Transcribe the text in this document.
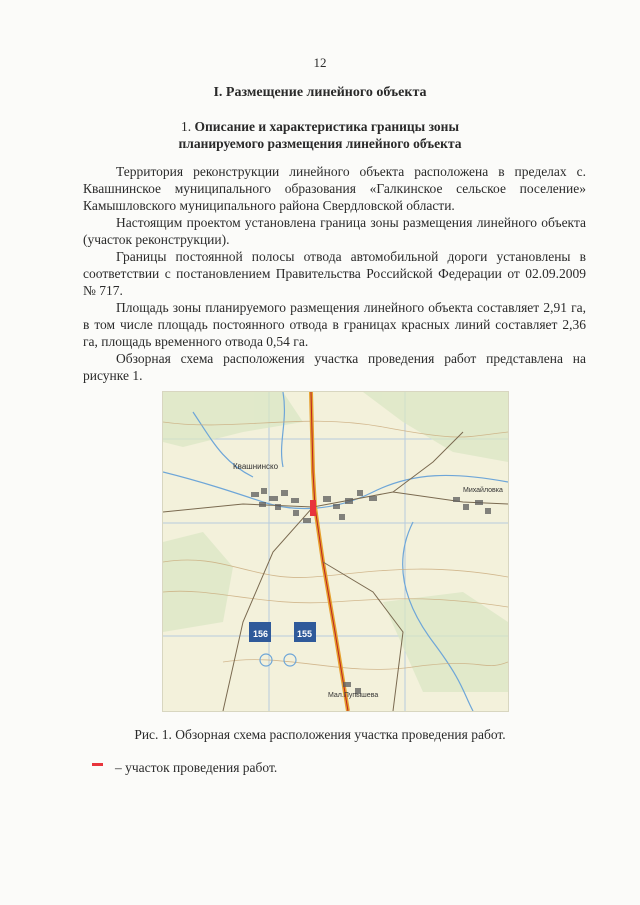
12
I. Размещение линейного объекта
1. Описание и характеристика границы зоны
планируемого размещения линейного объекта

Территория реконструкции линейного объекта расположена в пределах с. Квашнинское муниципального образования «Галкинское сельское поселение» Камышловского муниципального района Свердловской области.

Настоящим проектом установлена граница зоны размещения линейного объекта (участок реконструкции).

Границы постоянной полосы отвода автомобильной дороги установлены в соответствии с постановлением Правительства Российской Федерации от 02.09.2009 № 717.

Площадь зоны планируемого размещения линейного объекта составляет 2,91 га, в том числе площадь постоянного отвода в границах красных линий составляет 2,36 га, площадь временного отвода 0,54 га.

Обзорная схема расположения участка проведения работ представлена на рисунке 1.

Квашнинско
Михайловка
Мал.Пупышева
156	155
Рис. 1. Обзорная схема расположения участка проведения работ.
– участок проведения работ.
